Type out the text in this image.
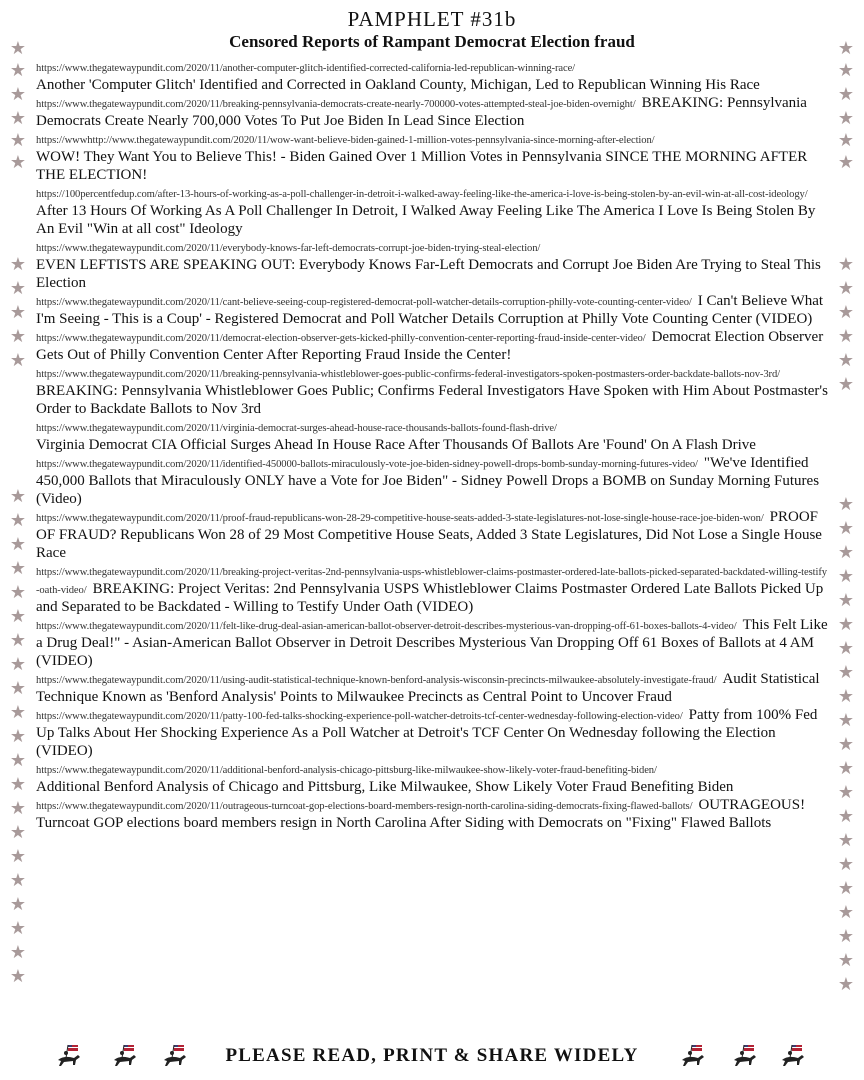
PAMPHLET #31b
Censored Reports of Rampant Democrat Election fraud
★
★
★
★
★
★
★
★
★
★
★
★
★
★
★
★
★
★
★
★
★
★
★
★
★
★
★
★
★
★
★
★
★
★
★
★
★
★
★
★
★
★
★
★
★
★
★
★
★
★
★
★
★
★
★
★
★
★
★
★
★
★
★
★
★
https://www.thegatewaypundit.com/2020/11/another-computer-glitch-identified-corrected-california-led-republican-winning-race/
Another 'Computer Glitch' Identified and Corrected in Oakland County, Michigan, Led to Republican Winning His Race
https://www.thegatewaypundit.com/2020/11/breaking-pennsylvania-democrats-create-nearly-700000-votes-attempted-steal-joe-biden-overnight/ BREAKING: Pennsylvania Democrats Create Nearly 700,000 Votes To Put Joe Biden In Lead Since Election
https://wwwhttp://www.thegatewaypundit.com/2020/11/wow-want-believe-biden-gained-1-million-votes-pennsylvania-since-morning-after-election/
WOW! They Want You to Believe This! - Biden Gained Over 1 Million Votes in Pennsylvania SINCE THE MORNING AFTER THE ELECTION!
https://100percentfedup.com/after-13-hours-of-working-as-a-poll-challenger-in-detroit-i-walked-away-feeling-like-the-america-i-love-is-being-stolen-by-an-evil-win-at-all-cost-ideology/After 13 Hours Of Working As A Poll Challenger In Detroit, I Walked Away Feeling Like The America I Love Is Being Stolen By An Evil "Win at all cost" Ideology
https://www.thegatewaypundit.com/2020/11/everybody-knows-far-left-democrats-corrupt-joe-biden-trying-steal-election/
EVEN LEFTISTS ARE SPEAKING OUT: Everybody Knows Far-Left Democrats and Corrupt Joe Biden Are Trying to Steal This Election
https://www.thegatewaypundit.com/2020/11/cant-believe-seeing-coup-registered-democrat-poll-watcher-details-corruption-philly-vote-counting-center-video/ I Can't Believe What I'm Seeing - This is a Coup' - Registered Democrat and Poll Watcher Details Corruption at Philly Vote Counting Center (VIDEO)
https://www.thegatewaypundit.com/2020/11/democrat-election-observer-gets-kicked-philly-convention-center-reporting-fraud-inside-center-video/ Democrat Election Observer Gets Out of Philly Convention Center After Reporting Fraud Inside the Center!
https://www.thegatewaypundit.com/2020/11/breaking-pennsylvania-whistleblower-goes-public-confirms-federal-investigators-spoken-postmasters-order-backdate-ballots-nov-3rd/BREAKING: Pennsylvania Whistleblower Goes Public; Confirms Federal Investigators Have Spoken with Him About Postmaster's Order to Backdate Ballots to Nov 3rd
https://www.thegatewaypundit.com/2020/11/virginia-democrat-surges-ahead-house-race-thousands-ballots-found-flash-drive/
Virginia Democrat CIA Official Surges Ahead In House Race After Thousands Of Ballots Are 'Found' On A Flash Drive
https://www.thegatewaypundit.com/2020/11/identified-450000-ballots-miraculously-vote-joe-biden-sidney-powell-drops-bomb-sunday-morning-futures-video/ "We've Identified 450,000 Ballots that Miraculously ONLY have a Vote for Joe Biden" - Sidney Powell Drops a BOMB on Sunday Morning Futures (Video)
https://www.thegatewaypundit.com/2020/11/proof-fraud-republicans-won-28-29-competitive-house-seats-added-3-state-legislatures-not-lose-single-house-race-joe-biden-won/ PROOF OF FRAUD? Republicans Won 28 of 29 Most Competitive House Seats, Added 3 State Legislatures, Did Not Lose a Single House Race
https://www.thegatewaypundit.com/2020/11/breaking-project-veritas-2nd-pennsylvania-usps-whistleblower-claims-postmaster-ordered-late-ballots-picked-separated-backdated-willing-testify-oath-video/ BREAKING: Project Veritas: 2nd Pennsylvania USPS Whistleblower Claims Postmaster Ordered Late Ballots Picked Up and Separated to be Backdated - Willing to Testify Under Oath (VIDEO)
https://www.thegatewaypundit.com/2020/11/felt-like-drug-deal-asian-american-ballot-observer-detroit-describes-mysterious-van-dropping-off-61-boxes-ballots-4-video/ This Felt Like a Drug Deal!" - Asian-American Ballot Observer in Detroit Describes Mysterious Van Dropping Off 61 Boxes of Ballots at 4 AM (VIDEO)
https://www.thegatewaypundit.com/2020/11/using-audit-statistical-technique-known-benford-analysis-wisconsin-precincts-milwaukee-absolutely-investigate-fraud/ Audit Statistical Technique Known as 'Benford Analysis' Points to Milwaukee Precincts as Central Point to Uncover Fraud
https://www.thegatewaypundit.com/2020/11/patty-100-fed-talks-shocking-experience-poll-watcher-detroits-tcf-center-wednesday-following-election-video/ Patty from 100% Fed Up Talks About Her Shocking Experience As a Poll Watcher at Detroit's TCF Center On Wednesday following the Election (VIDEO)
https://www.thegatewaypundit.com/2020/11/additional-benford-analysis-chicago-pittsburg-like-milwaukee-show-likely-voter-fraud-benefiting-biden/
Additional Benford Analysis of Chicago and Pittsburg, Like Milwaukee, Show Likely Voter Fraud Benefiting Biden
https://www.thegatewaypundit.com/2020/11/outrageous-turncoat-gop-elections-board-members-resign-north-carolina-siding-democrats-fixing-flawed-ballots/ OUTRAGEOUS! Turncoat GOP elections board members resign in North Carolina After Siding with Democrats on "Fixing" Flawed Ballots
PLEASE READ, PRINT & SHARE WIDELY
